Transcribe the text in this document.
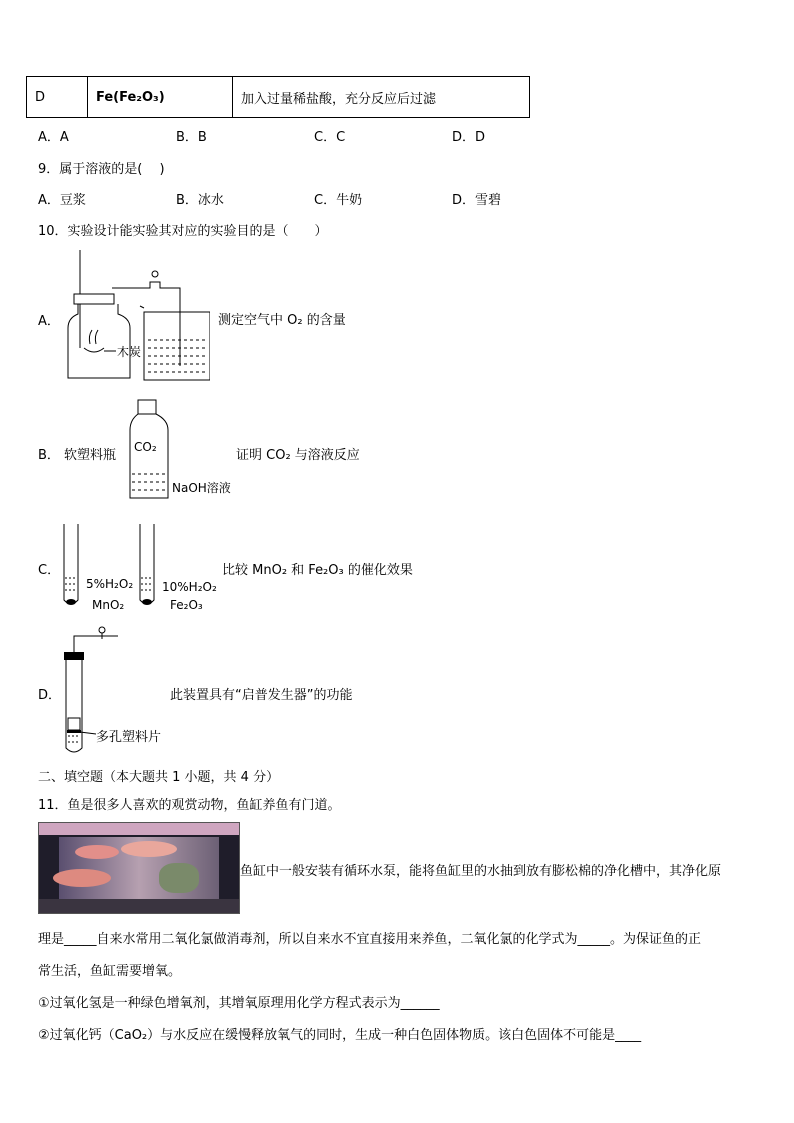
D	Fe(Fe₂O₃)	加入过量稀盐酸，充分反应后过滤
A．A	B．B	C．C	D．D
9．属于溶液的是(　 )
A．豆浆	B．冰水	C．牛奶	D．雪碧
10．实验设计能实验其对应的实验目的是（　　）
A．
木炭
测定空气中 O₂ 的含量
B． 软塑料瓶
CO₂
NaOH溶液
证明 CO₂ 与溶液反应
C．
5%H₂O₂
MnO₂
10%H₂O₂
Fe₂O₃
比较 MnO₂ 和 Fe₂O₃ 的催化效果
D．
多孔塑料片
此装置具有“启普发生器”的功能
二、填空题（本大题共 1 小题，共 4 分）
11．鱼是很多人喜欢的观赏动物，鱼缸养鱼有门道。
鱼缸中一般安装有循环水泵，能将鱼缸里的水抽到放有膨松棉的净化槽中，其净化原
理是_____自来水常用二氧化氯做消毒剂，所以自来水不宜直接用来养鱼，二氧化氯的化学式为_____。为保证鱼的正
常生活，鱼缸需要增氧。
①过氧化氢是一种绿色增氧剂，其增氧原理用化学方程式表示为______
②过氧化钙（CaO₂）与水反应在缓慢释放氧气的同时，生成一种白色固体物质。该白色固体不可能是____
